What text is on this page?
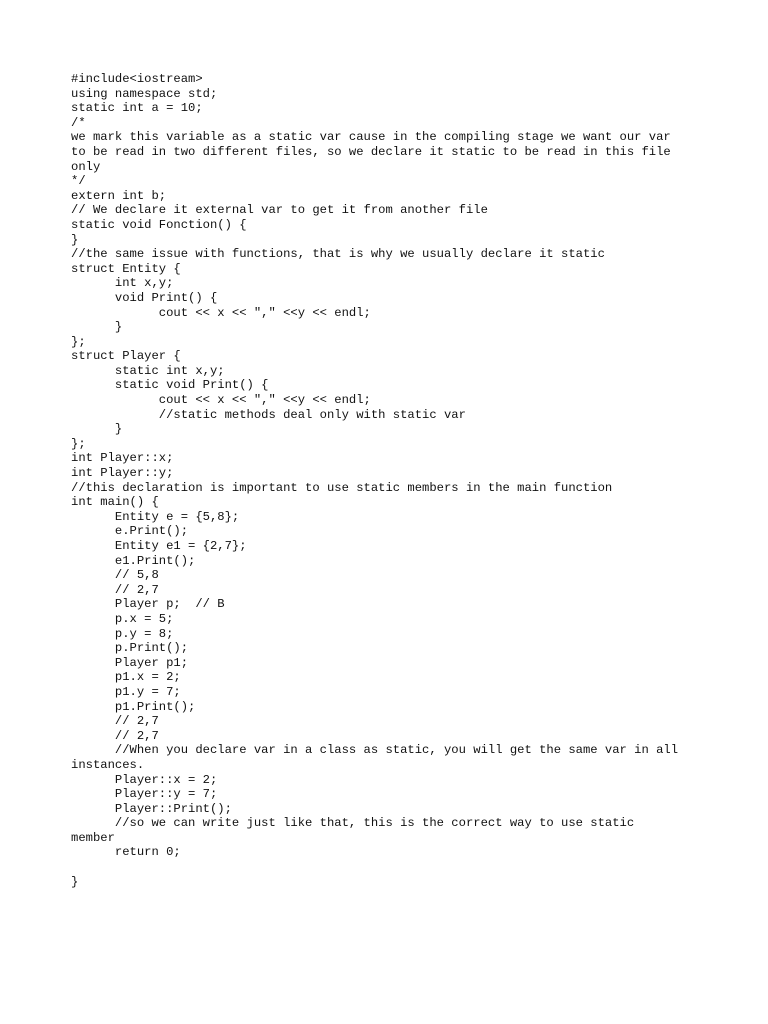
#include<iostream>
using namespace std;
static int a = 10;
/*
we mark this variable as a static var cause in the compiling stage we want our var
to be read in two different files, so we declare it static to be read in this file
only
*/
extern int b;
// We declare it external var to get it from another file
static void Fonction() {
}
//the same issue with functions, that is why we usually declare it static
struct Entity {
int x,y;
void Print() {
cout << x << "," <<y << endl;
}
};
struct Player {
static int x,y;
static void Print() {
cout << x << "," <<y << endl;
//static methods deal only with static var
}
};
int Player::x;
int Player::y;
//this declaration is important to use static members in the main function
int main() {
Entity e = {5,8};
e.Print();
Entity e1 = {2,7};
e1.Print();
// 5,8
// 2,7
Player p;  // B
p.x = 5;
p.y = 8;
p.Print();
Player p1;
p1.x = 2;
p1.y = 7;
p1.Print();
// 2,7
// 2,7
//When you declare var in a class as static, you will get the same var in all
instances.
Player::x = 2;
Player::y = 7;
Player::Print();
//so we can write just like that, this is the correct way to use static
member
return 0;
}
